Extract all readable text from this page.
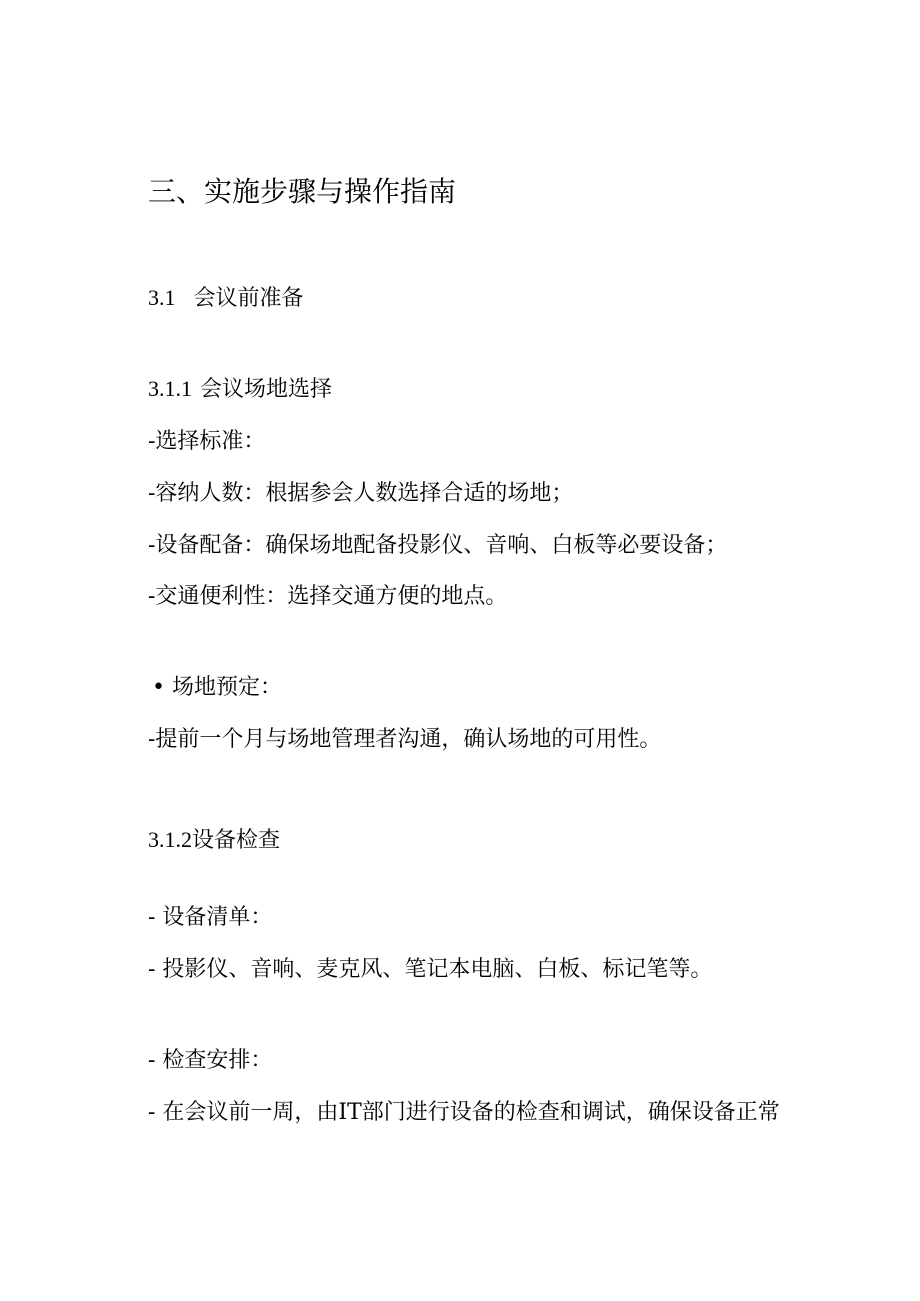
三、实施步骤与操作指南
3.1 会议前准备
3.1.1 会议场地选择

-选择标准：

-容纳人数：根据参会人数选择合适的场地；

-设备配备：确保场地配备投影仪、音响、白板等必要设备；

-交通便利性：选择交通方便的地点。

• 场地预定：

-提前一个月与场地管理者沟通，确认场地的可用性。

3.1.2设备检查

- 设备清单：

- 投影仪、音响、麦克风、笔记本电脑、白板、标记笔等。

- 检查安排：

- 在会议前一周，由IT部门进行设备的检查和调试，确保设备正常
